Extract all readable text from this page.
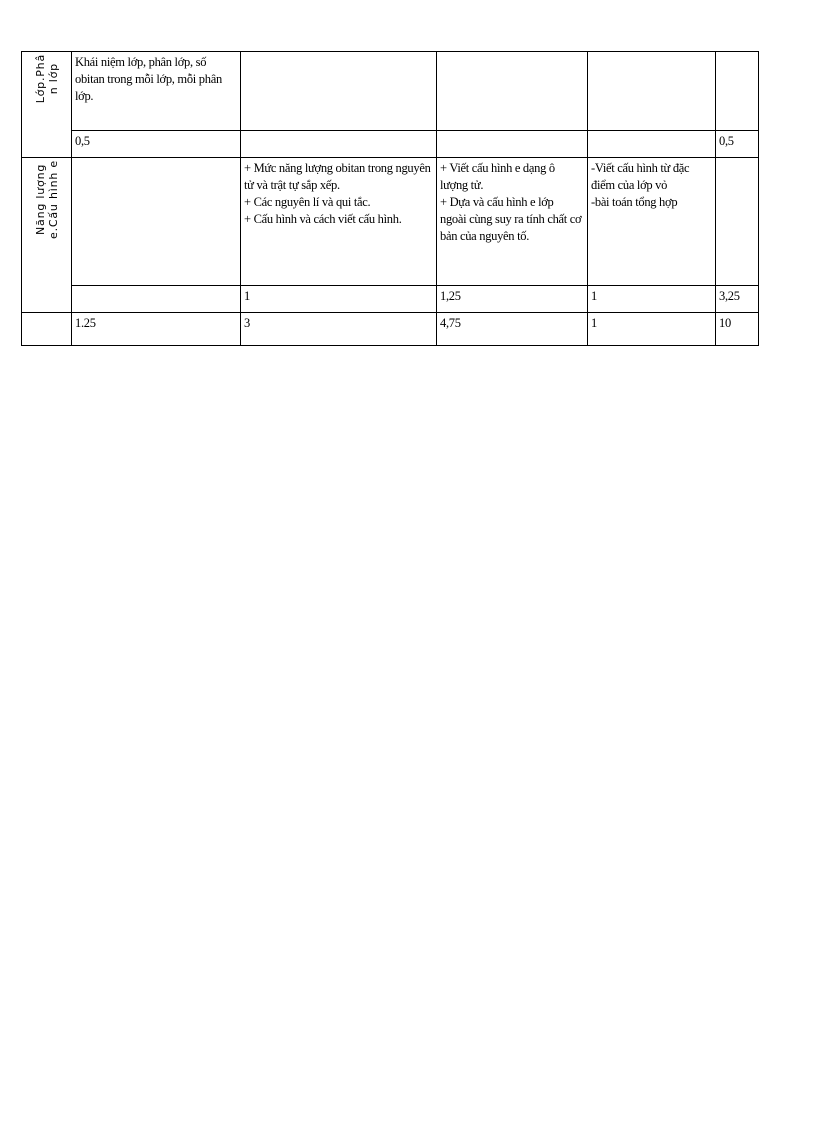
Lớp.Phâ n lớp	Khái niệm lớp, phân lớp, số
obitan trong mỗi lớp, mỗi phân
lớp.				

	0,5				0,5

Năng lượng e.Cấu hình e		+ Mức năng lượng obitan trong nguyên
tử và trật tự sắp xếp.
+ Các nguyên lí và qui tắc.
+ Cấu hình và cách viết cấu hình.	+ Viết cấu hình e dạng ô
lượng tử.
+ Dựa và cấu hình e lớp
ngoài cùng suy ra tính chất cơ
bản của nguyên tố.	-Viết cấu hình từ đặc
điểm của lớp vỏ
-bài toán tổng hợp	

		1	1,25	1	3,25
	1.25	3	4,75	1	10
